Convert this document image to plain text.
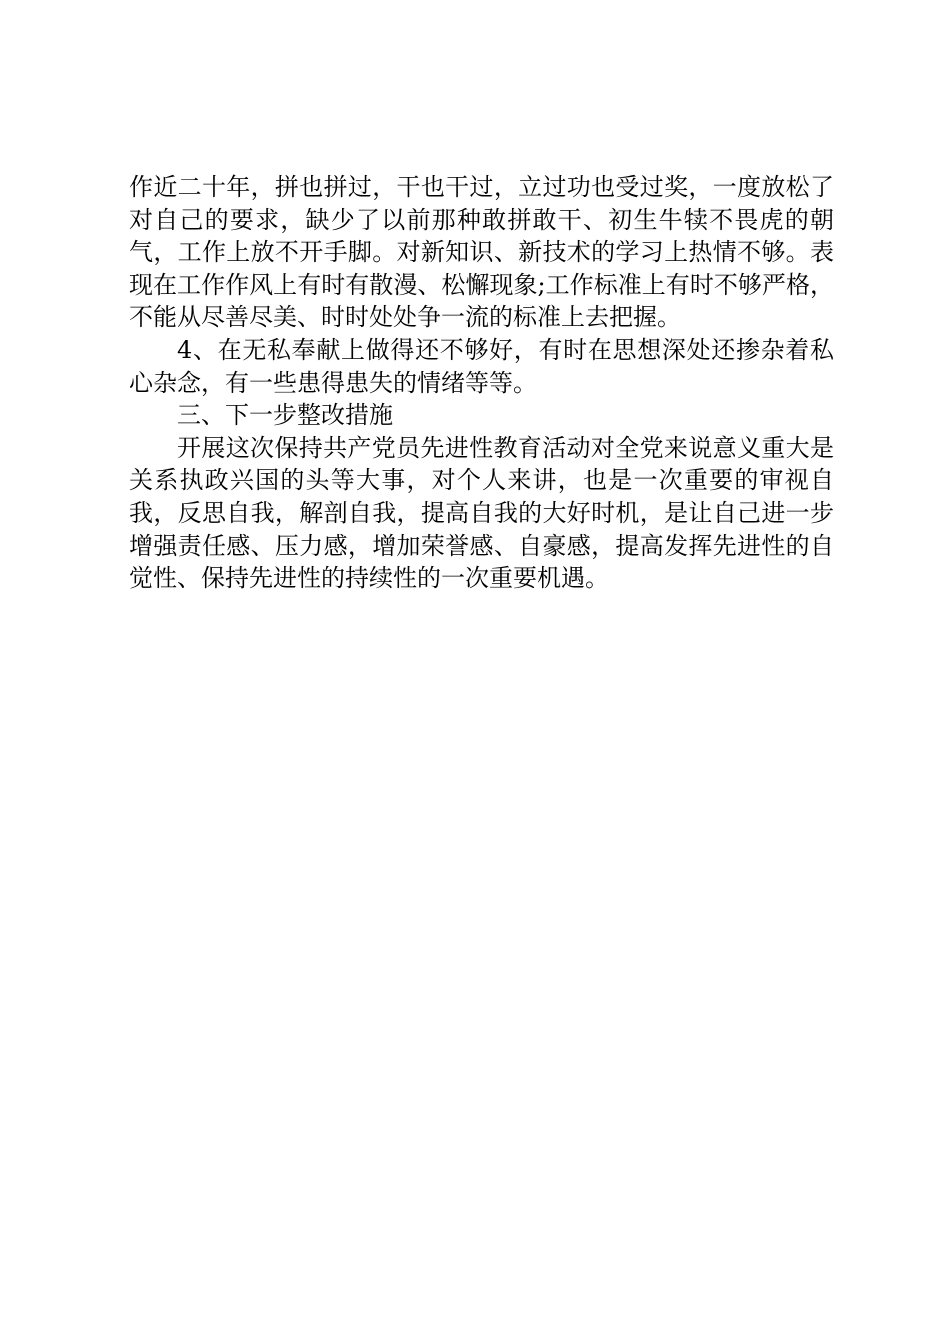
作近二十年，拼也拼过，干也干过，立过功也受过奖，一度放松了对自己的要求，缺少了以前那种敢拼敢干、初生牛犊不畏虎的朝气，工作上放不开手脚。对新知识、新技术的学习上热情不够。表现在工作作风上有时有散漫、松懈现象;工作标准上有时不够严格，不能从尽善尽美、时时处处争一流的标准上去把握。

4、在无私奉献上做得还不够好，有时在思想深处还掺杂着私心杂念，有一些患得患失的情绪等等。

三、下一步整改措施

开展这次保持共产党员先进性教育活动对全党来说意义重大是关系执政兴国的头等大事，对个人来讲，也是一次重要的审视自我，反思自我，解剖自我，提高自我的大好时机，是让自己进一步增强责任感、压力感，增加荣誉感、自豪感，提高发挥先进性的自觉性、保持先进性的持续性的一次重要机遇。
